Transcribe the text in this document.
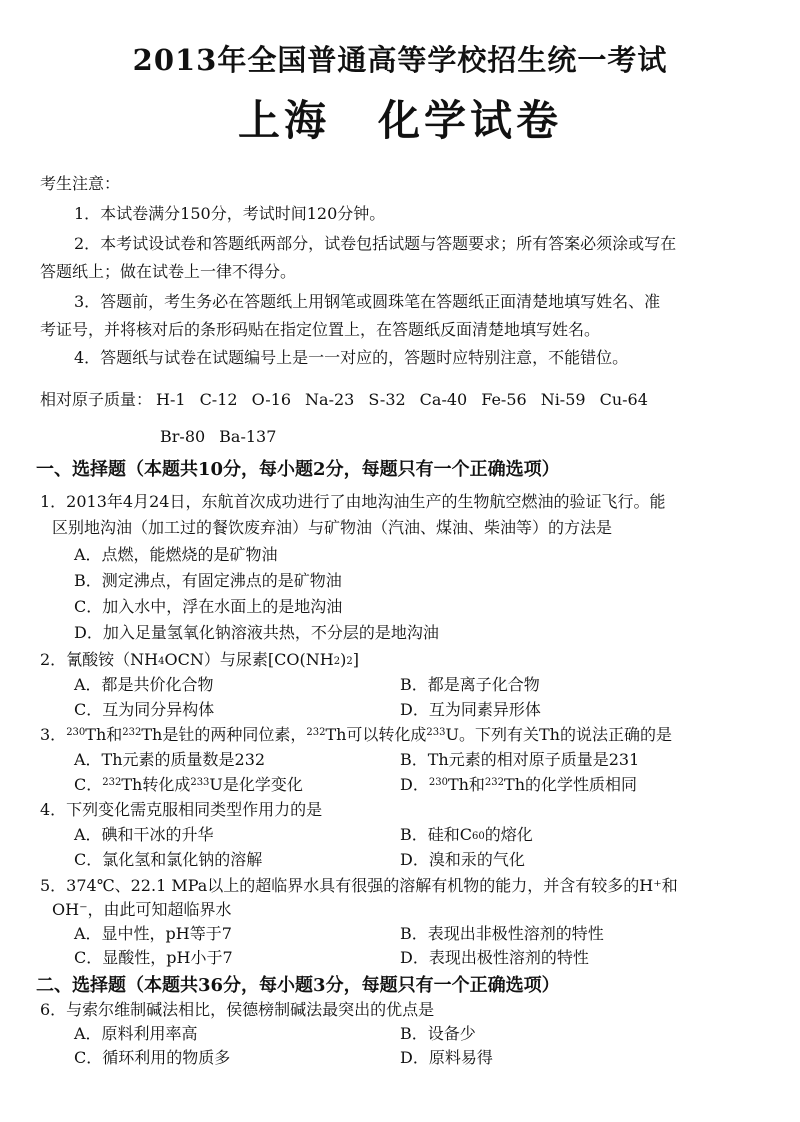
2013年全国普通高等学校招生统一考试
上海 化学试卷
考生注意：
1．本试卷满分150分，考试时间120分钟。
2．本考试设试卷和答题纸两部分，试卷包括试题与答题要求；所有答案必须涂或写在
答题纸上；做在试卷上一律不得分。
3．答题前，考生务必在答题纸上用钢笔或圆珠笔在答题纸正面清楚地填写姓名、准
考证号，并将核对后的条形码贴在指定位置上，在答题纸反面清楚地填写姓名。
4．答题纸与试卷在试题编号上是一一对应的，答题时应特别注意，不能错位。
相对原子质量： H-1 C-12 O-16 Na-23 S-32 Ca-40 Fe-56 Ni-59 Cu-64
Br-80 Ba-137
一、选择题（本题共10分，每小题2分，每题只有一个正确选项）
1．2013年4月24日，东航首次成功进行了由地沟油生产的生物航空燃油的验证飞行。能
区别地沟油（加工过的餐饮废弃油）与矿物油（汽油、煤油、柴油等）的方法是
A．点燃，能燃烧的是矿物油
B．测定沸点，有固定沸点的是矿物油
C．加入水中，浮在水面上的是地沟油
D．加入足量氢氧化钠溶液共热，不分层的是地沟油
2．氰酸铵$(NH_4OCN)$与尿素$[CO(NH_2)_2]$
A．都是共价化合物	B．都是离子化合物
C．互为同分异构体	D．互为同素异形体
3．$^{230}$Th和$^{232}$Th是钍的两种同位素，$^{232}$Th可以转化成$^{233}$U。下列有关Th的说法正确的是
A．Th元素的质量数是232	B．Th元素的相对原子质量是231
C．$^{232}$Th转化成$^{233}$U是化学变化	D．$^{230}$Th和$^{232}$Th的化学性质相同
4．下列变化需克服相同类型作用力的是
A．碘和干冰的升华	B．硅和$C_{60}$的熔化
C．氯化氢和氯化钠的溶解	D．溴和汞的气化
5．374℃、22.1 MPa以上的超临界水具有很强的溶解有机物的能力，并含有较多的H⁺和
OH⁻，由此可知超临界水
A．显中性，pH等于7	B．表现出非极性溶剂的特性
C．显酸性，pH小于7	D．表现出极性溶剂的特性
二、选择题（本题共36分，每小题3分，每题只有一个正确选项）
6．与索尔维制碱法相比，侯德榜制碱法最突出的优点是
A．原料利用率高	B．设备少
C．循环利用的物质多	D．原料易得
